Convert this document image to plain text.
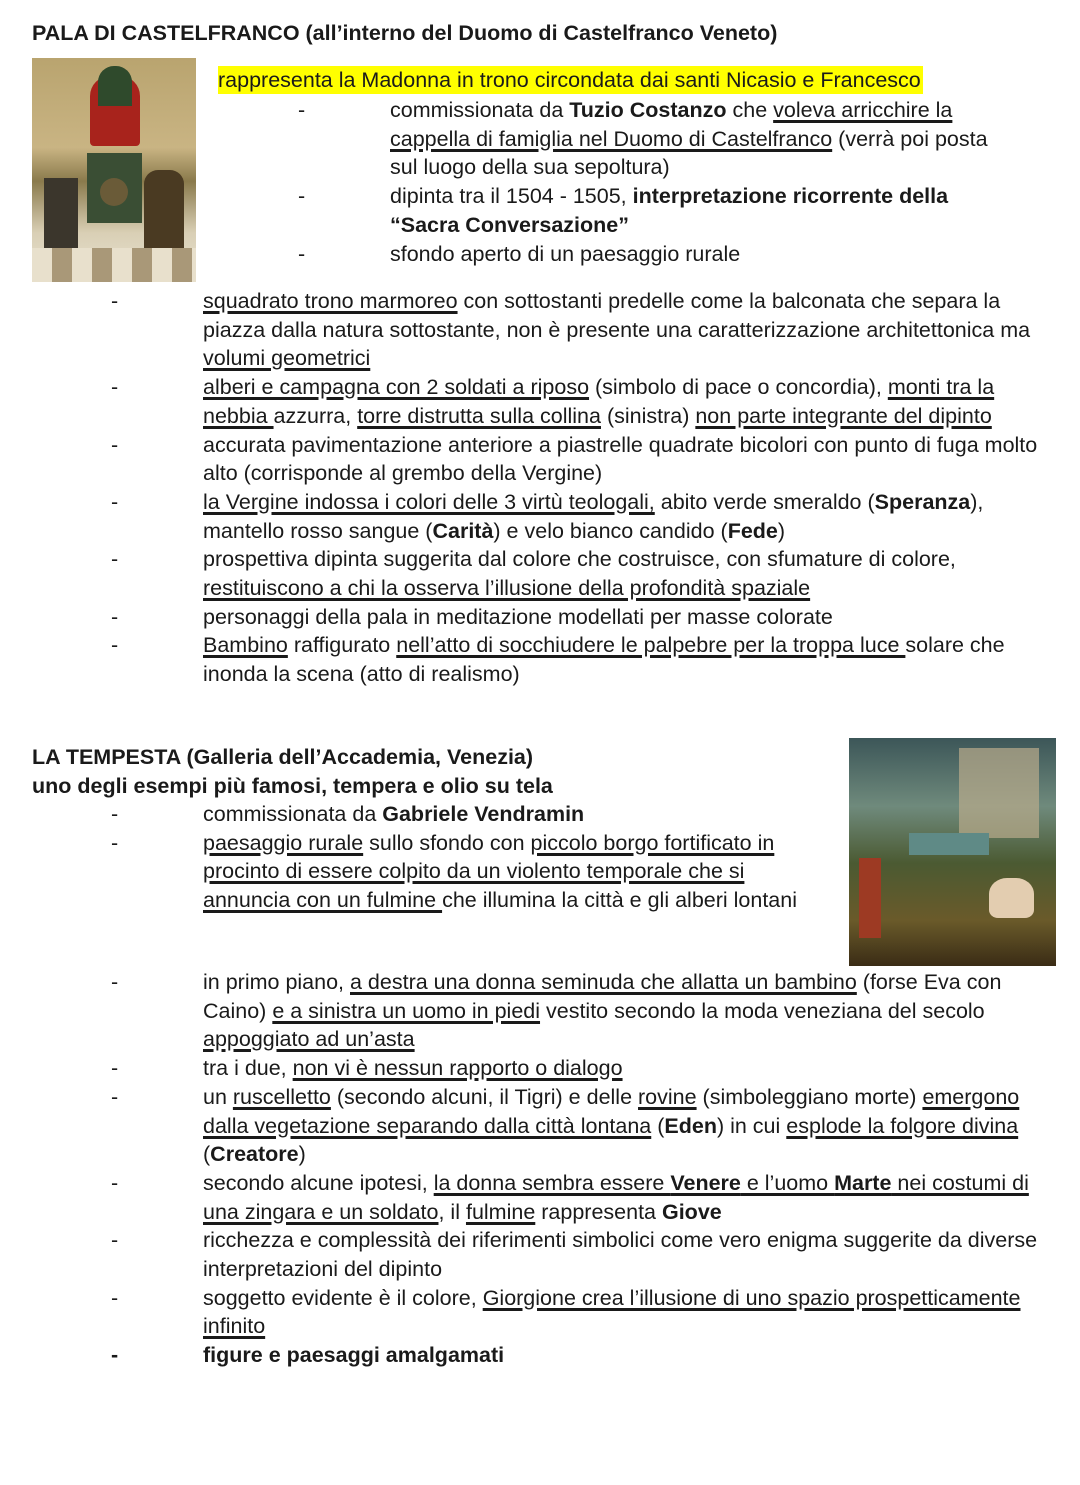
PALA DI CASTELFRANCO (all’interno del Duomo di Castelfranco Veneto)
rappresenta la Madonna in trono circondata dai santi Nicasio e Francesco
-	commissionata da Tuzio Costanzo che voleva arricchire la cappella di famiglia nel Duomo di Castelfranco (verrà poi posta sul luogo della sua sepoltura)
-	dipinta tra il 1504 - 1505, interpretazione ricorrente della “Sacra Conversazione”
-	sfondo aperto di un paesaggio rurale
-	squadrato trono marmoreo con sottostanti predelle come la balconata che separa la piazza dalla natura sottostante, non è presente una caratterizzazione architettonica ma volumi geometrici
-	alberi e campagna con 2 soldati a riposo (simbolo di pace o concordia), monti tra la nebbia azzurra, torre distrutta sulla collina (sinistra) non parte integrante del dipinto
-	accurata pavimentazione anteriore a piastrelle quadrate bicolori con punto di fuga molto alto (corrisponde al grembo della Vergine)
-	la Vergine indossa i colori delle 3 virtù teologali, abito verde smeraldo (Speranza), mantello rosso sangue (Carità) e velo bianco candido (Fede)
-	prospettiva dipinta suggerita dal colore che costruisce, con sfumature di colore, restituiscono a chi la osserva l’illusione della profondità spaziale
-	personaggi della pala in meditazione modellati per masse colorate
-	Bambino raffigurato nell’atto di socchiudere le palpebre per la troppa luce solare che inonda la scena (atto di realismo)
LA TEMPESTA (Galleria dell’Accademia, Venezia)
uno degli esempi più famosi, tempera e olio su tela
-	commissionata da Gabriele Vendramin
-	paesaggio rurale sullo sfondo con piccolo borgo fortificato in procinto di essere colpito da un violento temporale che si annuncia con un fulmine che illumina la città e gli alberi lontani
-	in primo piano, a destra una donna seminuda che allatta un bambino (forse Eva con Caino) e a sinistra un uomo in piedi vestito secondo la moda veneziana del secolo appoggiato ad un’asta
-	tra i due, non vi è nessun rapporto o dialogo
-	un ruscelletto (secondo alcuni, il Tigri) e delle rovine (simboleggiano morte) emergono dalla vegetazione separando dalla città lontana (Eden) in cui esplode la folgore divina (Creatore)
-	secondo alcune ipotesi, la donna sembra essere Venere e l’uomo Marte nei costumi di una zingara e un soldato, il fulmine rappresenta Giove
-	ricchezza e complessità dei riferimenti simbolici come vero enigma suggerite da diverse interpretazioni del dipinto
-	soggetto evidente è il colore, Giorgione crea l’illusione di uno spazio prospetticamente infinito
-	figure e paesaggi amalgamati
